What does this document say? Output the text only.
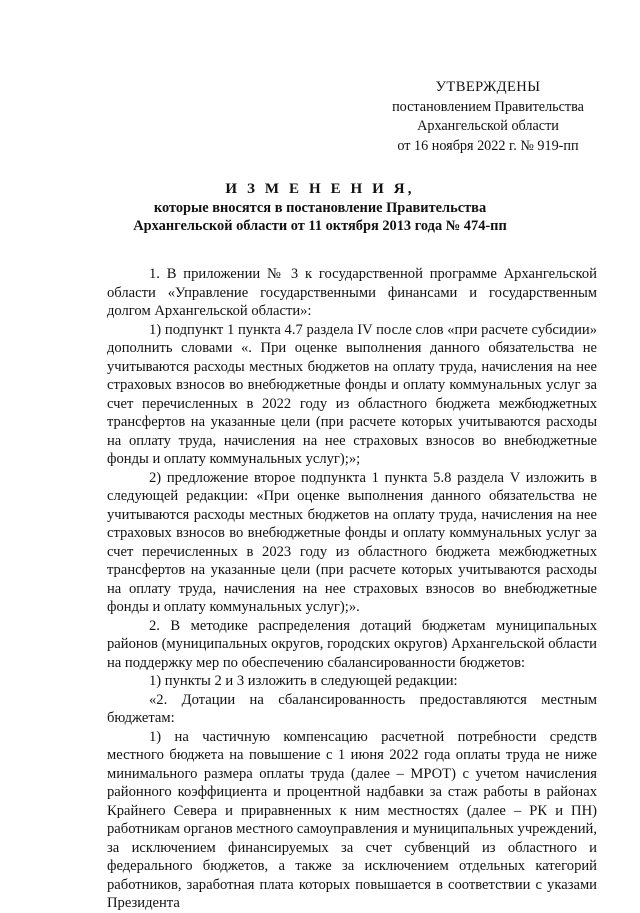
УТВЕРЖДЕНЫ
постановлением Правительства
Архангельской области
от 16 ноября 2022 г. № 919-пп
И З М Е Н Е Н И Я,
которые вносятся в постановление Правительства
Архангельской области от 11 октября 2013 года № 474-пп

1. В приложении № 3 к государственной программе Архангельской области «Управление государственными финансами и государственным долгом Архангельской области»:

1) подпункт 1 пункта 4.7 раздела IV после слов «при расчете субсидии» дополнить словами «. При оценке выполнения данного обязательства не учитываются расходы местных бюджетов на оплату труда, начисления на нее страховых взносов во внебюджетные фонды и оплату коммунальных услуг за счет перечисленных в 2022 году из областного бюджета межбюджетных трансфертов на указанные цели (при расчете которых учитываются расходы на оплату труда, начисления на нее страховых взносов во внебюджетные фонды и оплату коммунальных услуг);»;

2) предложение второе подпункта 1 пункта 5.8 раздела V изложить в следующей редакции: «При оценке выполнения данного обязательства не учитываются расходы местных бюджетов на оплату труда, начисления на нее страховых взносов во внебюджетные фонды и оплату коммунальных услуг за счет перечисленных в 2023 году из областного бюджета межбюджетных трансфертов на указанные цели (при расчете которых учитываются расходы на оплату труда, начисления на нее страховых взносов во внебюджетные фонды и оплату коммунальных услуг);».

2. В методике распределения дотаций бюджетам муниципальных районов (муниципальных округов, городских округов) Архангельской области на поддержку мер по обеспечению сбалансированности бюджетов:

1) пункты 2 и 3 изложить в следующей редакции:

«2. Дотации на сбалансированность предоставляются местным бюджетам:

1) на частичную компенсацию расчетной потребности средств местного бюджета на повышение с 1 июня 2022 года оплаты труда не ниже минимального размера оплаты труда (далее – МРОТ) с учетом начисления районного коэффициента и процентной надбавки за стаж работы в районах Крайнего Севера и приравненных к ним местностях (далее – РК и ПН) работникам органов местного самоуправления и муниципальных учреждений, за исключением финансируемых за счет субвенций из областного и федерального бюджетов, а также за исключением отдельных категорий работников, заработная плата которых повышается в соответствии с указами Президента
